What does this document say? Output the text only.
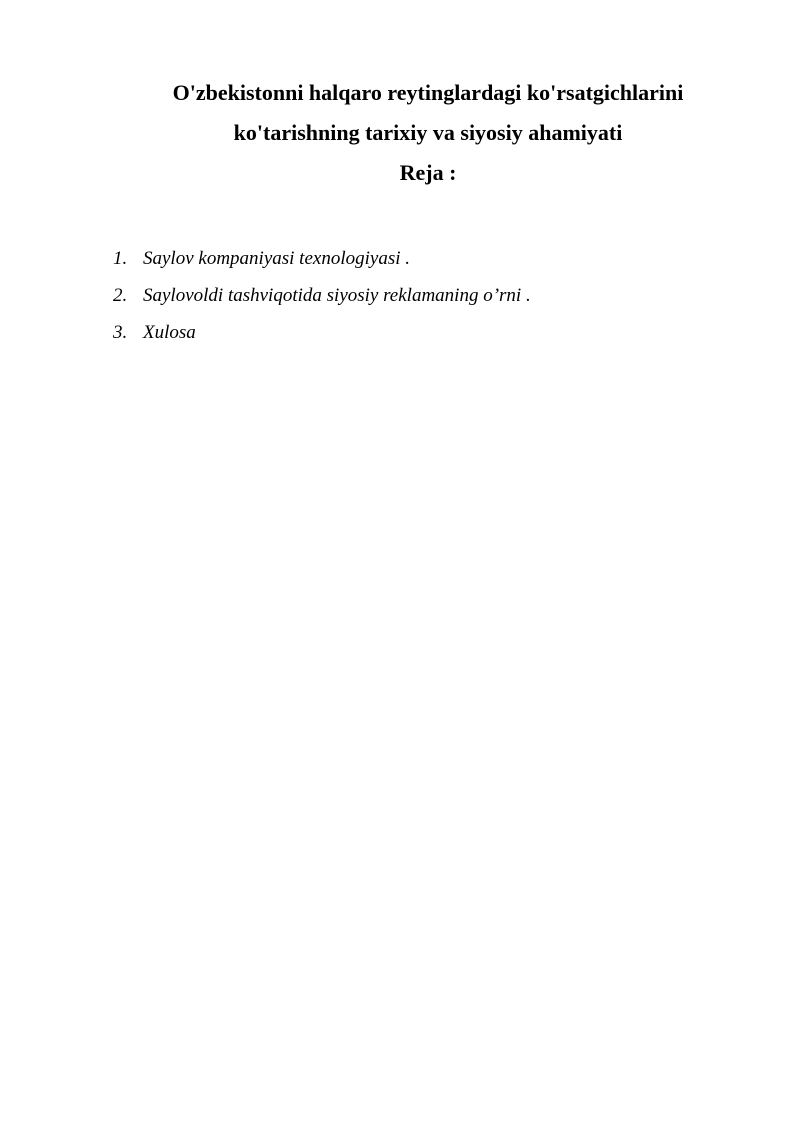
O'zbekistonni halqaro reytinglardagi ko'rsatgichlarini
ko'tarishning tarixiy va siyosiy ahamiyati
Reja :
1. Saylov kompaniyasi texnologiyasi .
2. Saylovoldi tashviqotida siyosiy reklamaning o’rni .
3. Xulosa
